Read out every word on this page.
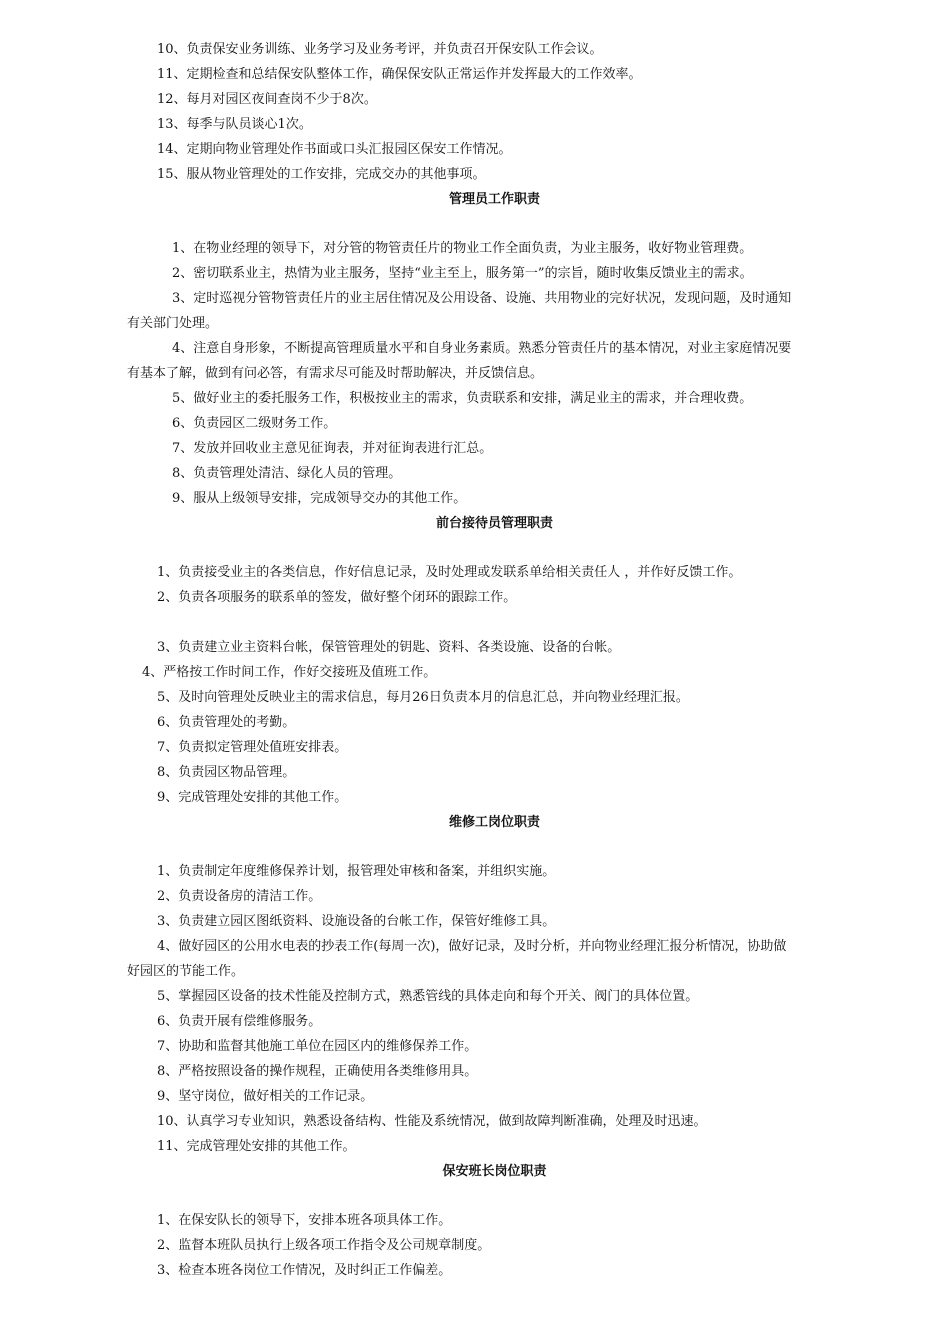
10、负责保安业务训练、业务学习及业务考评，并负责召开保安队工作会议。
11、定期检查和总结保安队整体工作，确保保安队正常运作并发挥最大的工作效率。
12、每月对园区夜间查岗不少于8次。
13、每季与队员谈心1次。
14、定期向物业管理处作书面或口头汇报园区保安工作情况。
15、服从物业管理处的工作安排，完成交办的其他事项。
管理员工作职责
1、在物业经理的领导下，对分管的物管责任片的物业工作全面负责，为业主服务，收好物业管理费。
2、密切联系业主，热情为业主服务，坚持“业主至上，服务第一”的宗旨，随时收集反馈业主的需求。
3、定时巡视分管物管责任片的业主居住情况及公用设备、设施、共用物业的完好状况，发现问题，及时通知
有关部门处理。
4、注意自身形象，不断提高管理质量水平和自身业务素质。熟悉分管责任片的基本情况，对业主家庭情况要
有基本了解，做到有问必答，有需求尽可能及时帮助解决，并反馈信息。
5、做好业主的委托服务工作，积极按业主的需求，负责联系和安排，满足业主的需求，并合理收费。
6、负责园区二级财务工作。
7、发放并回收业主意见征询表，并对征询表进行汇总。
8、负责管理处清洁、绿化人员的管理。
9、服从上级领导安排，完成领导交办的其他工作。
前台接待员管理职责
1、负责接受业主的各类信息，作好信息记录，及时处理或发联系单给相关责任人 ，并作好反馈工作。
2、负责各项服务的联系单的签发，做好整个闭环的跟踪工作。
3、负责建立业主资料台帐，保管管理处的钥匙、资料、各类设施、设备的台帐。
4、严格按工作时间工作，作好交接班及值班工作。
5、及时向管理处反映业主的需求信息，每月26日负责本月的信息汇总，并向物业经理汇报。
6、负责管理处的考勤。
7、负责拟定管理处值班安排表。
8、负责园区物品管理。
9、完成管理处安排的其他工作。
维修工岗位职责
1、负责制定年度维修保养计划，报管理处审核和备案，并组织实施。
2、负责设备房的清洁工作。
3、负责建立园区图纸资料、设施设备的台帐工作，保管好维修工具。
4、做好园区的公用水电表的抄表工作(每周一次)，做好记录，及时分析，并向物业经理汇报分析情况，协助做
好园区的节能工作。
5、掌握园区设备的技术性能及控制方式，熟悉管线的具体走向和每个开关、阀门的具体位置。
6、负责开展有偿维修服务。
7、协助和监督其他施工单位在园区内的维修保养工作。
8、严格按照设备的操作规程，正确使用各类维修用具。
9、坚守岗位，做好相关的工作记录。
10、认真学习专业知识，熟悉设备结构、性能及系统情况，做到故障判断准确，处理及时迅速。
11、完成管理处安排的其他工作。
保安班长岗位职责
1、在保安队长的领导下，安排本班各项具体工作。
2、监督本班队员执行上级各项工作指令及公司规章制度。
3、检查本班各岗位工作情况，及时纠正工作偏差。
